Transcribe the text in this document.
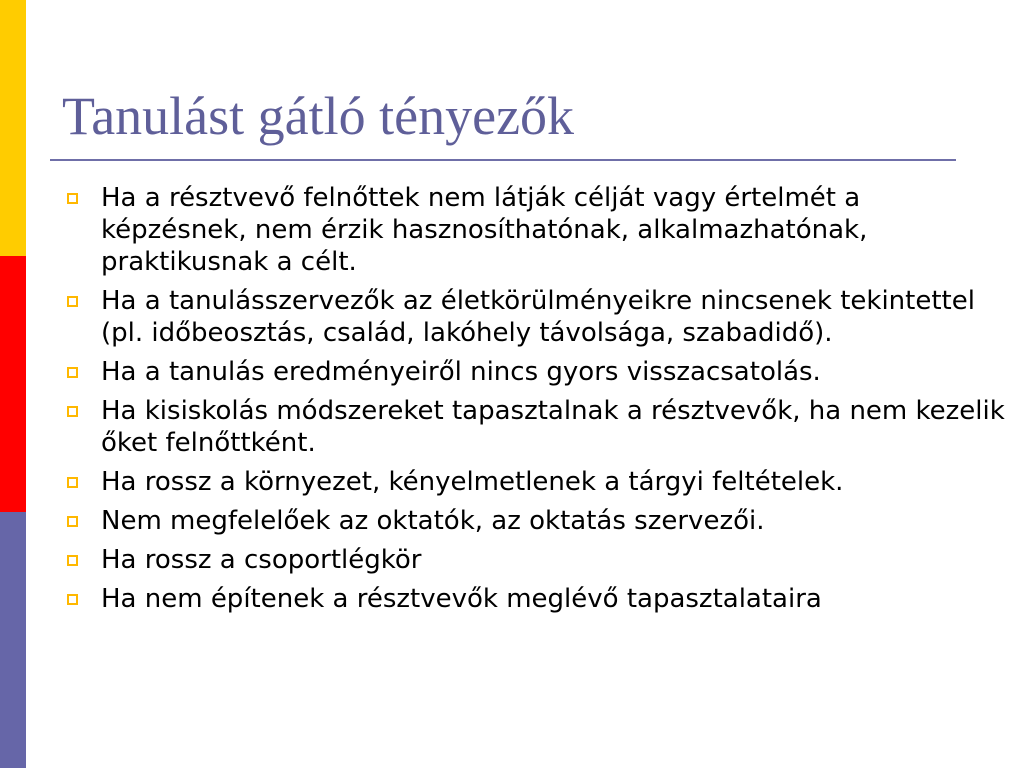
Tanulást gátló tényezők
Ha a résztvevő felnőttek nem látják célját vagy értelmét a képzésnek, nem érzik hasznosíthatónak, alkalmazhatónak, praktikusnak a célt.
Ha a tanulásszervezők az életkörülményeikre nincsenek tekintettel (pl. időbeosztás, család, lakóhely távolsága, szabadidő).
Ha a tanulás eredményeiről nincs gyors visszacsatolás.
Ha kisiskolás módszereket tapasztalnak a résztvevők, ha nem kezelik őket felnőttként.
Ha rossz a környezet, kényelmetlenek a tárgyi feltételek.
Nem megfelelőek az oktatók, az oktatás szervezői.
Ha rossz a csoportlégkör
Ha nem építenek a résztvevők meglévő tapasztalataira
